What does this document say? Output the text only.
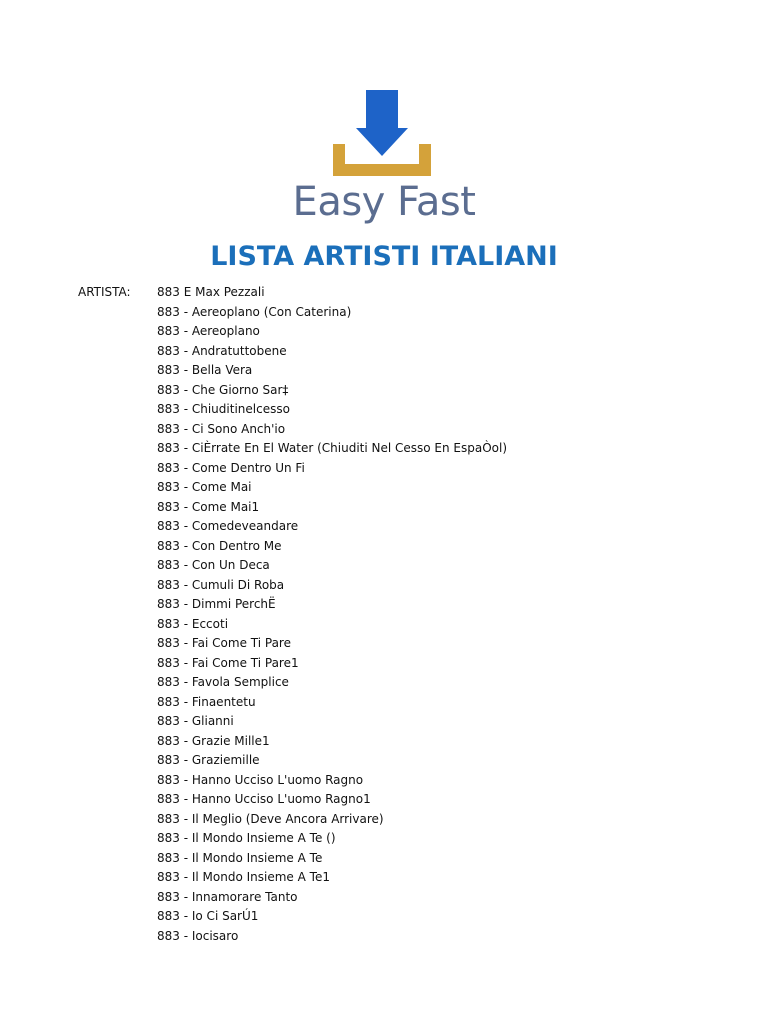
Easy Fast
LISTA ARTISTI ITALIANI
ARTISTA: 883 E Max Pezzali
883 - Aereoplano (Con Caterina)
883 - Aereoplano
883 - Andratuttobene
883 - Bella Vera
883 - Che Giorno Sar‡
883 - Chiuditinelcesso
883 - Ci Sono Anch'io
883 - CiÈrrate En El Water (Chiuditi Nel Cesso En EspaÒol)
883 - Come Dentro Un Fi
883 - Come Mai
883 - Come Mai1
883 - Comedeveandare
883 - Con Dentro Me
883 - Con Un Deca
883 - Cumuli Di Roba
883 - Dimmi PerchË
883 - Eccoti
883 - Fai Come Ti Pare
883 - Fai Come Ti Pare1
883 - Favola Semplice
883 - Finaentetu
883 - Glianni
883 - Grazie Mille1
883 - Graziemille
883 - Hanno Ucciso L'uomo Ragno
883 - Hanno Ucciso L'uomo Ragno1
883 - Il Meglio (Deve Ancora Arrivare)
883 - Il Mondo Insieme A Te ()
883 - Il Mondo Insieme A Te
883 - Il Mondo Insieme A Te1
883 - Innamorare Tanto
883 - Io Ci SarÚ1
883 - Iocisaro
